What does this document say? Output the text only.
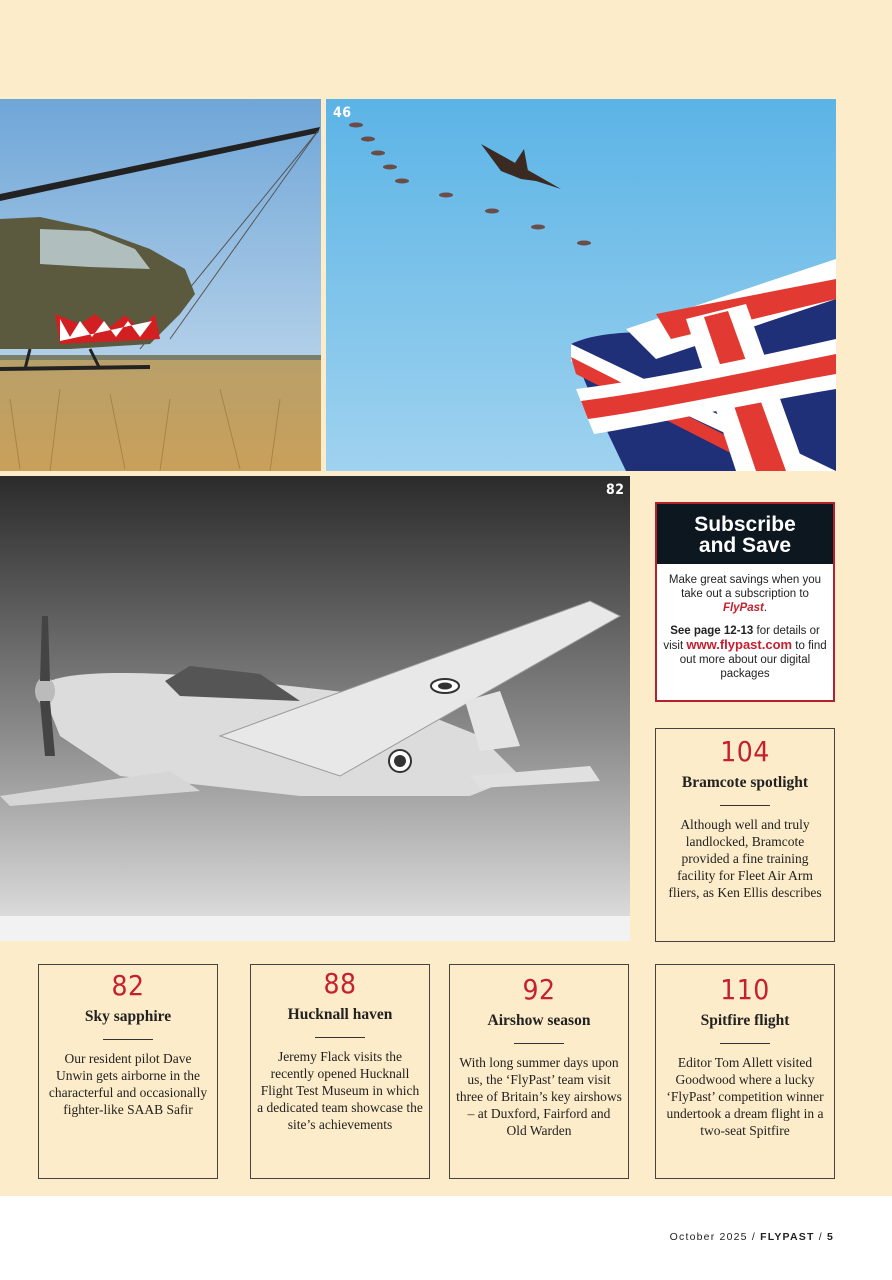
46
82
Subscribe
and Save

Make great savings when you take out a subscription to FlyPast.

See page 12-13 for details or visit www.flypast.com to find out more about our digital packages

104
Bramcote spotlight
Although well and truly landlocked, Bramcote provided a fine training facility for Fleet Air Arm fliers, as Ken Ellis describes
82
Sky sapphire
Our resident pilot Dave Unwin gets airborne in the characterful and occasionally fighter-like SAAB Safir
88
Hucknall haven
Jeremy Flack visits the recently opened Hucknall Flight Test Museum in which a dedicated team showcase the site’s achievements
92
Airshow season
With long summer days upon us, the ‘FlyPast’ team visit three of Britain’s key airshows – at Duxford, Fairford and Old Warden
110
Spitfire flight
Editor Tom Allett visited Goodwood where a lucky ‘FlyPast’ competition winner undertook a dream flight in a two-seat Spitfire
October 2025 / FLYPAST / 5
